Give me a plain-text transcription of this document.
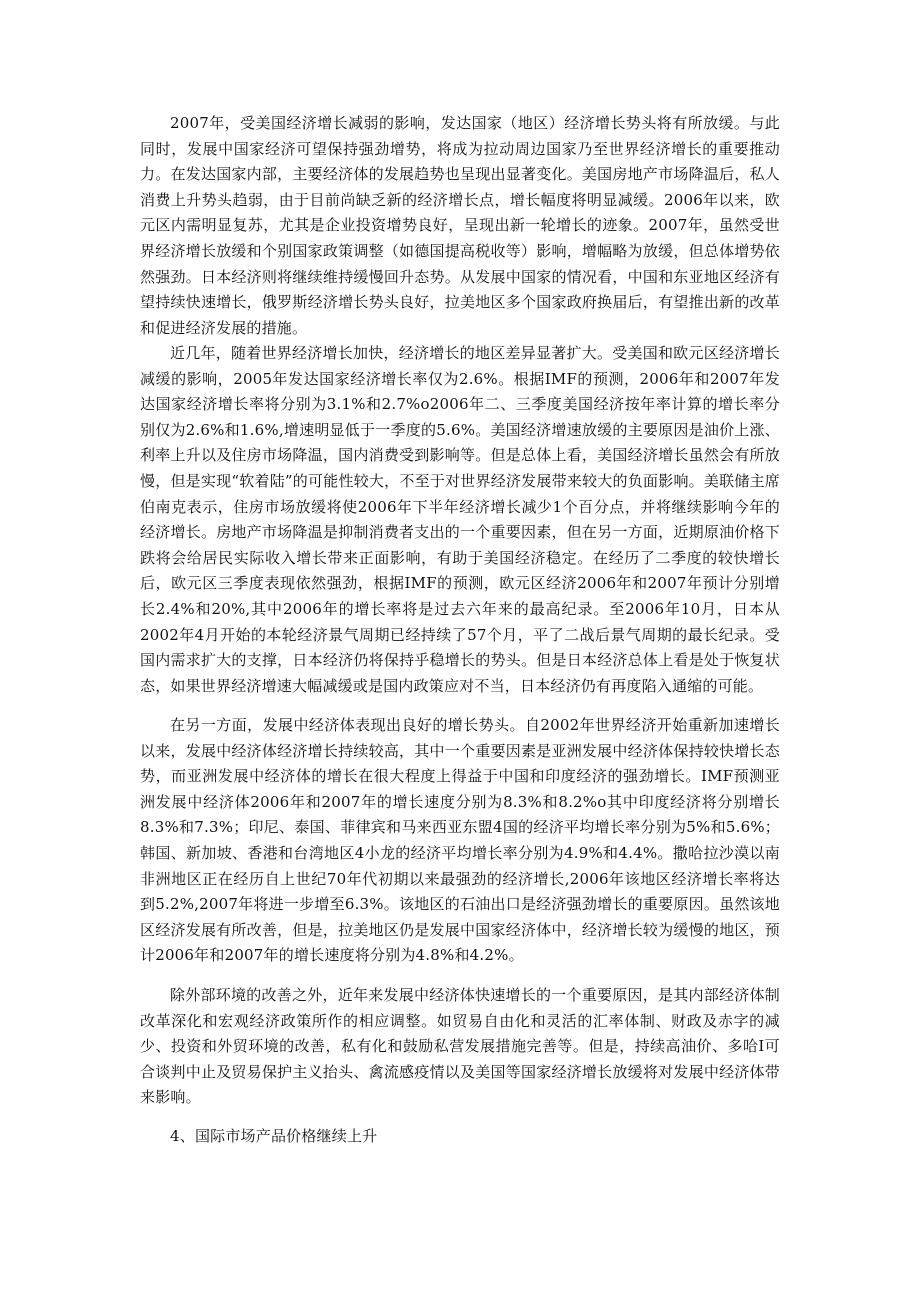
2007年，受美国经济增长减弱的影响，发达国家（地区）经济增长势头将有所放缓。与此同时，发展中国家经济可望保持强劲增势，将成为拉动周边国家乃至世界经济增长的重要推动力。在发达国家内部，主要经济体的发展趋势也呈现出显著变化。美国房地产市场降温后，私人消费上升势头趋弱，由于目前尚缺乏新的经济增长点，增长幅度将明显减缓。2006年以来，欧元区内需明显复苏，尤其是企业投资增势良好，呈现出新一轮增长的迹象。2007年，虽然受世界经济增长放缓和个别国家政策调整（如德国提高税收等）影响，增幅略为放缓，但总体增势依然强劲。日本经济则将继续维持缓慢回升态势。从发展中国家的情况看，中国和东亚地区经济有望持续快速增长，俄罗斯经济增长势头良好，拉美地区多个国家政府换届后，有望推出新的改革和促进经济发展的措施。

近几年，随着世界经济增长加快，经济增长的地区差异显著扩大。受美国和欧元区经济增长减缓的影响，2005年发达国家经济增长率仅为2.6%。根据IMF的预测，2006年和2007年发达国家经济增长率将分别为3.1%和2.7%o2006年二、三季度美国经济按年率计算的增长率分别仅为2.6%和1.6%,增速明显低于一季度的5.6%。美国经济增速放缓的主要原因是油价上涨、利率上升以及住房市场降温，国内消费受到影响等。但是总体上看，美国经济增长虽然会有所放慢，但是实现“软着陆”的可能性较大，不至于对世界经济发展带来较大的负面影响。美联储主席伯南克表示，住房市场放缓将使2006年下半年经济增长减少1个百分点，并将继续影响今年的经济增长。房地产市场降温是抑制消费者支出的一个重要因素，但在另一方面，近期原油价格下跌将会给居民实际收入增长带来正面影响，有助于美国经济稳定。在经历了二季度的较快增长后，欧元区三季度表现依然强劲，根据IMF的预测，欧元区经济2006年和2007年预计分别增长2.4%和20%,其中2006年的增长率将是过去六年来的最高纪录。至2006年10月，日本从2002年4月开始的本轮经济景气周期已经持续了57个月，平了二战后景气周期的最长纪录。受国内需求扩大的支撑，日本经济仍将保持乎稳增长的势头。但是日本经济总体上看是处于恢复状态，如果世界经济增速大幅减缓或是国内政策应对不当，日本经济仍有再度陷入通缩的可能。

在另一方面，发展中经济体表现出良好的增长势头。自2002年世界经济开始重新加速增长以来，发展中经济体经济增长持续较高，其中一个重要因素是亚洲发展中经济体保持较快增长态势，而亚洲发展中经济体的增长在很大程度上得益于中国和印度经济的强劲增长。IMF预测亚洲发展中经济体2006年和2007年的增长速度分别为8.3%和8.2%o其中印度经济将分别增长8.3%和7.3%；印尼、泰国、菲律宾和马来西亚东盟4国的经济平均增长率分别为5%和5.6%；韩国、新加坡、香港和台湾地区4小龙的经济平均增长率分别为4.9%和4.4%。撒哈拉沙漠以南非洲地区正在经历自上世纪70年代初期以来最强劲的经济增长,2006年该地区经济增长率将达到5.2%,2007年将进一步增至6.3%。该地区的石油出口是经济强劲增长的重要原因。虽然该地区经济发展有所改善，但是，拉美地区仍是发展中国家经济体中，经济增长较为缓慢的地区，预计2006年和2007年的增长速度将分别为4.8%和4.2%。

除外部环境的改善之外，近年来发展中经济体快速增长的一个重要原因，是其内部经济体制改革深化和宏观经济政策所作的相应调整。如贸易自由化和灵活的汇率体制、财政及赤字的减少、投资和外贸环境的改善，私有化和鼓励私营发展措施完善等。但是，持续高油价、多哈I可合谈判中止及贸易保护主义抬头、禽流感疫情以及美国等国家经济增长放缓将对发展中经济体带来影响。

4、国际市场产品价格继续上升
